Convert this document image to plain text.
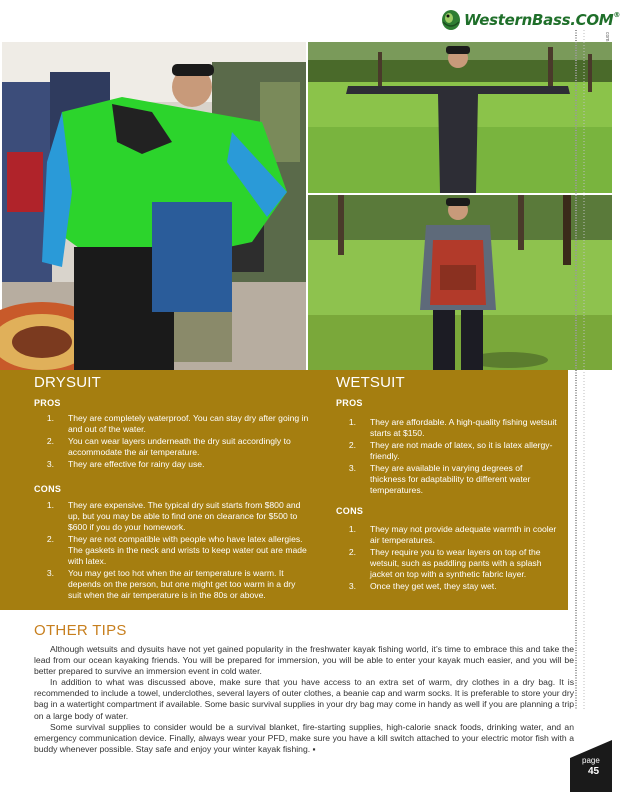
WesternBass.COM®
com
DRYSUIT
PROS
1.	They are completely waterproof. You can stay dry after going in and out of the water.
2.	You can wear layers underneath the dry suit accordingly to accommodate the air temperature.
3.	They are effective for rainy day use.
CONS
1.	They are expensive. The typical dry suit starts from $800 and up, but you may be able to find one on clearance for $500 to $600 if you do your homework.
2.	They are not compatible with people who have latex allergies. The gaskets in the neck and wrists to keep water out are made with latex.
3.	You may get too hot when the air temperature is warm. It depends on the person, but one might get too warm in a dry suit when the air temperature is in the 80s or above.
WETSUIT
PROS
1.	They are affordable. A high-quality fishing wetsuit starts at $150.
2.	They are not made of latex, so it is latex allergy-friendly.
3.	They are available in varying degrees of thickness for adaptability to different water temperatures.
CONS
1.	They may not provide adequate warmth in cooler air temperatures.
2.	They require you to wear layers on top of the wetsuit, such as paddling pants with a splash jacket on top with a synthetic fabric layer.
3.	Once they get wet, they stay wet.
OTHER TIPS

Although wetsuits and dysuits have not yet gained popularity in the freshwater kayak fishing world, it’s time to embrace this and take the lead from our ocean kayaking friends. You will be prepared for immersion, you will be able to enter your kayak much easier, and you will be better prepared to survive an immersion event in cold water.

In addition to what was discussed above, make sure that you have access to an extra set of warm, dry clothes in a dry bag. It is recommended to include a towel, underclothes, several layers of outer clothes, a beanie cap and warm socks. It is preferable to store your dry bag in a watertight compartment if available. Some basic survival supplies in your dry bag may come in handy as well if you are planning a trip on a large body of water.

Some survival supplies to consider would be a survival blanket, fire-starting supplies, high-calorie snack foods, drinking water, and an emergency communication device. Finally, always wear your PFD, make sure you have a kill switch attached to your electric motor fish with a buddy whenever possible. Stay safe and enjoy your winter kayak fishing. ▪

page
45
